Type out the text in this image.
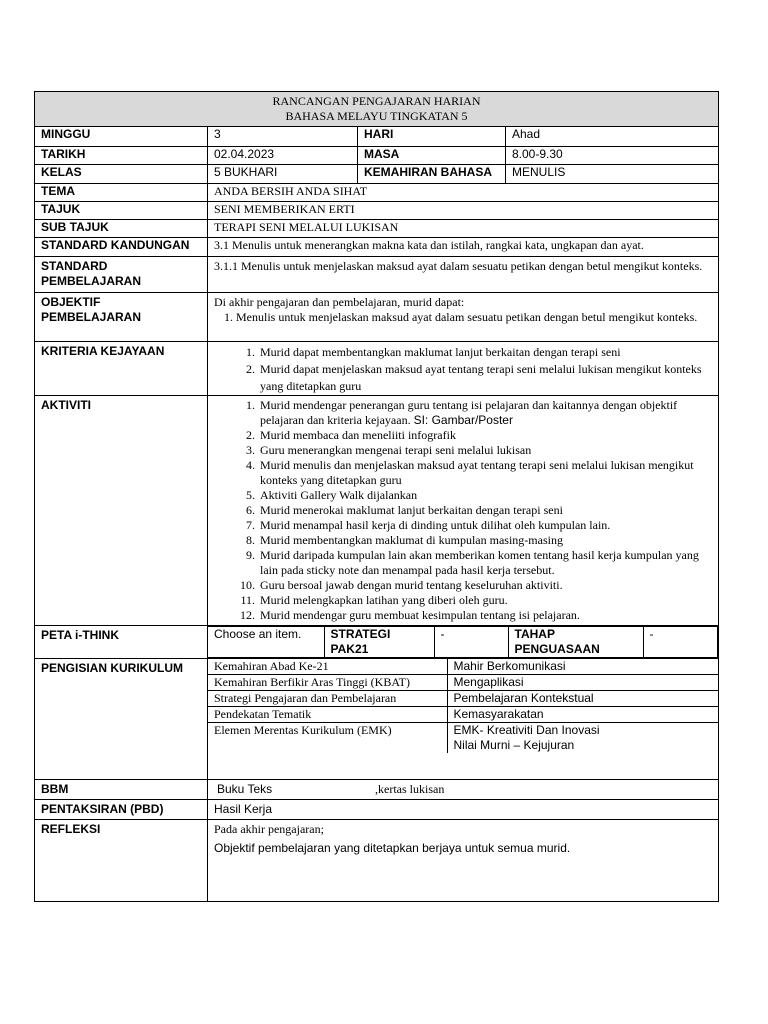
RANCANGAN PENGAJARAN HARIAN
BAHASA MELAYU TINGKATAN 5

MINGGU	3	HARI	Ahad
TARIKH	02.04.2023	MASA	8.00-9.30
KELAS	5 BUKHARI	KEMAHIRAN BAHASA	MENULIS
TEMA	ANDA BERSIH ANDA SIHAT
TAJUK	SENI MEMBERIKAN ERTI
SUB TAJUK	TERAPI SENI MELALUI LUKISAN
STANDARD KANDUNGAN	3.1 Menulis untuk menerangkan makna kata dan istilah, rangkai kata, ungkapan dan ayat.
STANDARD PEMBELAJARAN	3.1.1 Menulis untuk menjelaskan maksud ayat dalam sesuatu petikan dengan betul mengikut konteks.
OBJEKTIF PEMBELAJARAN	
Di akhir pengajaran dan pembelajaran, murid dapat:
1. Menulis untuk menjelaskan maksud ayat dalam sesuatu petikan dengan betul mengikut konteks.

KRITERIA KEJAYAAN	
1.Murid dapat membentangkan maklumat lanjut berkaitan dengan terapi seni
2. Murid dapat menjelaskan maksud ayat tentang terapi seni melalui lukisan mengikut konteks yang ditetapkan guru

AKTIVITI	
1.Murid mendengar penerangan guru tentang isi pelajaran dan kaitannya dengan objektif pelajaran dan kriteria kejayaan. SI: Gambar/Poster
2. Murid membaca dan meneliiti infografik
3. Guru menerangkan mengenai terapi seni melalui lukisan
4. Murid menulis dan menjelaskan maksud ayat tentang terapi seni melalui lukisan mengikut konteks yang ditetapkan guru
5. Aktiviti Gallery Walk dijalankan
6. Murid menerokai maklumat lanjut berkaitan dengan terapi seni
7. Murid menampal hasil kerja di dinding untuk dilihat oleh kumpulan lain.
8. Murid membentangkan maklumat di kumpulan masing-masing
9. Murid daripada kumpulan lain akan memberikan komen tentang hasil kerja kumpulan yang lain pada sticky note dan menampal pada hasil kerja tersebut.
10. Guru bersoal jawab dengan murid tentang keseluruhan aktiviti.
11. Murid melengkapkan latihan yang diberi oleh guru.
12. Murid mendengar guru membuat kesimpulan tentang isi pelajaran.

PETA i-THINK		Choose an item.	STRATEGI PAK21	-	TAHAP PENGUASAAN	-

PENGISIAN KURIKULUM		Kemahiran Abad Ke-21	Mahir Berkomunikasi
Kemahiran Berfikir Aras Tinggi (KBAT)	Mengaplikasi
Strategi Pengajaran dan Pembelajaran	Pembelajaran Kontekstual
Pendekatan Tematik	Kemasyarakatan
Elemen Merentas Kurikulum (EMK)	EMK- Kreativiti Dan Inovasi
Nilai Murni – Kejujuran

BBM	Buku Teks	,kertas lukisan
PENTAKSIRAN (PBD)	Hasil Kerja
REFLEKSI	Pada akhir pengajaran;
Objektif pembelajaran yang ditetapkan berjaya untuk semua murid.
